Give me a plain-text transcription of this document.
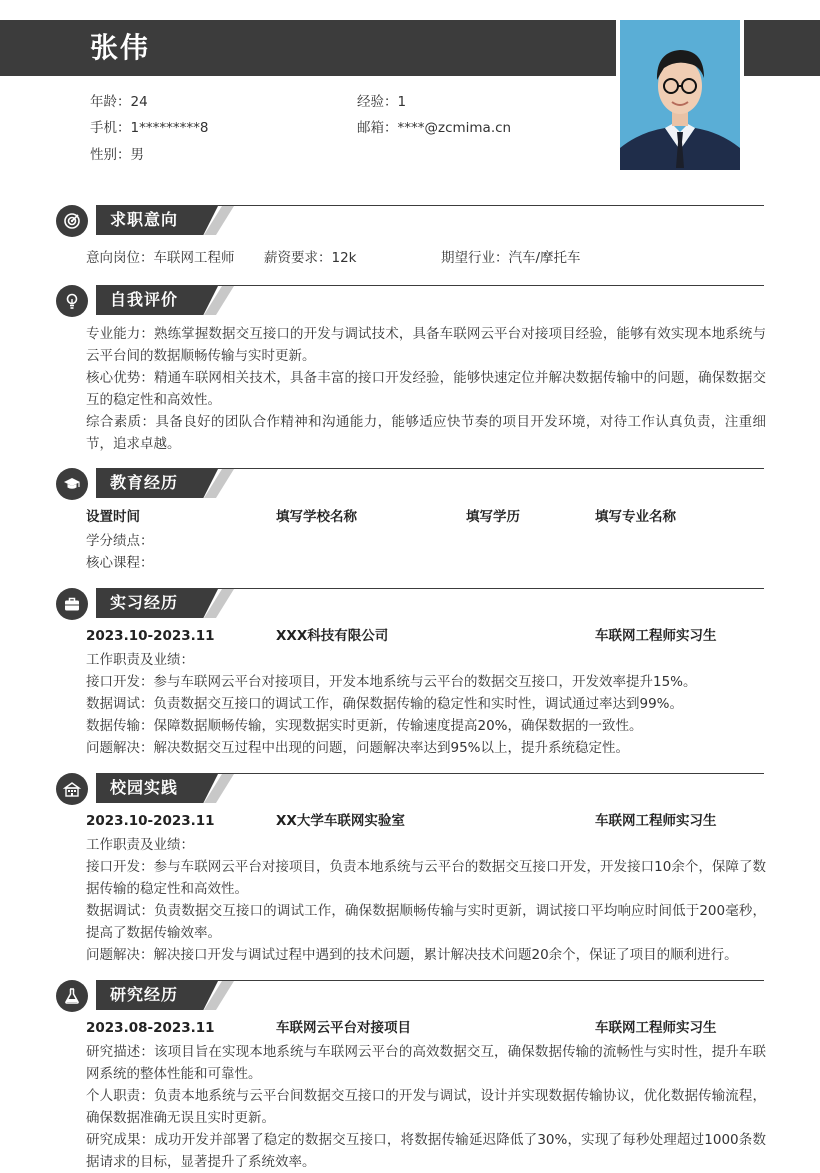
张伟
年龄：24	经验：1
手机：1*********8	邮箱：****@zcmima.cn
性别：男
求职意向
意向岗位：车联网工程师 薪资要求：12k	期望行业：汽车/摩托车
自我评价
专业能力：熟练掌握数据交互接口的开发与调试技术，具备车联网云平台对接项目经验，能够有效实现本地系统与云平台间的数据顺畅传输与实时更新。
核心优势：精通车联网相关技术，具备丰富的接口开发经验，能够快速定位并解决数据传输中的问题，确保数据交互的稳定性和高效性。
综合素质：具备良好的团队合作精神和沟通能力，能够适应快节奏的项目开发环境，对待工作认真负责，注重细节，追求卓越。
教育经历
设置时间	填写学校名称	填写学历	填写专业名称
学分绩点：
核心课程：
实习经历
2023.10-2023.11	XXX科技有限公司	车联网工程师实习生
工作职责及业绩：
接口开发：参与车联网云平台对接项目，开发本地系统与云平台的数据交互接口，开发效率提升15%。
数据调试：负责数据交互接口的调试工作，确保数据传输的稳定性和实时性，调试通过率达到99%。
数据传输：保障数据顺畅传输，实现数据实时更新，传输速度提高20%，确保数据的一致性。
问题解决：解决数据交互过程中出现的问题，问题解决率达到95%以上，提升系统稳定性。
校园实践
2023.10-2023.11	XX大学车联网实验室	车联网工程师实习生
工作职责及业绩：
接口开发：参与车联网云平台对接项目，负责本地系统与云平台的数据交互接口开发，开发接口10余个，保障了数据传输的稳定性和高效性。
数据调试：负责数据交互接口的调试工作，确保数据顺畅传输与实时更新，调试接口平均响应时间低于200毫秒，提高了数据传输效率。
问题解决：解决接口开发与调试过程中遇到的技术问题，累计解决技术问题20余个，保证了项目的顺利进行。
研究经历
2023.08-2023.11	车联网云平台对接项目	车联网工程师实习生
研究描述：该项目旨在实现本地系统与车联网云平台的高效数据交互，确保数据传输的流畅性与实时性，提升车联网系统的整体性能和可靠性。
个人职责：负责本地系统与云平台间数据交互接口的开发与调试，设计并实现数据传输协议，优化数据传输流程，确保数据准确无误且实时更新。
研究成果：成功开发并部署了稳定的数据交互接口，将数据传输延迟降低了30%，实现了每秒处理超过1000条数据请求的目标，显著提升了系统效率。
